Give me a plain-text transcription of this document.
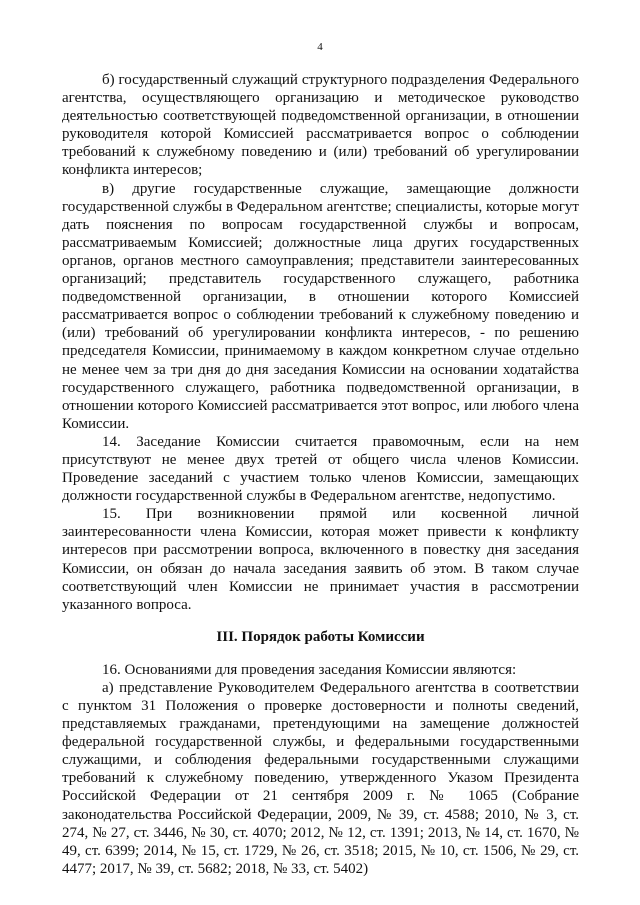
4

б) государственный служащий структурного подразделения Федерального агентства, осуществляющего организацию и методическое руководство деятельностью соответствующей подведомственной организации, в отношении руководителя которой Комиссией рассматривается вопрос о соблюдении требований к служебному поведению и (или) требований об урегулировании конфликта интересов;

в) другие государственные служащие, замещающие должности государственной службы в Федеральном агентстве; специалисты, которые могут дать пояснения по вопросам государственной службы и вопросам, рассматриваемым Комиссией; должностные лица других государственных органов, органов местного самоуправления; представители заинтересованных организаций; представитель государственного служащего, работника подведомственной организации, в отношении которого Комиссией рассматривается вопрос о соблюдении требований к служебному поведению и (или) требований об урегулировании конфликта интересов, - по решению председателя Комиссии, принимаемому в каждом конкретном случае отдельно не менее чем за три дня до дня заседания Комиссии на основании ходатайства государственного служащего, работника подведомственной организации, в отношении которого Комиссией рассматривается этот вопрос, или любого члена Комиссии.

14. Заседание Комиссии считается правомочным, если на нем присутствуют не менее двух третей от общего числа членов Комиссии. Проведение заседаний с участием только членов Комиссии, замещающих должности государственной службы в Федеральном агентстве, недопустимо.

15. При возникновении прямой или косвенной личной заинтересованности члена Комиссии, которая может привести к конфликту интересов при рассмотрении вопроса, включенного в повестку дня заседания Комиссии, он обязан до начала заседания заявить об этом. В таком случае соответствующий член Комиссии не принимает участия в рассмотрении указанного вопроса.

III. Порядок работы Комиссии

16. Основаниями для проведения заседания Комиссии являются:

а) представление Руководителем Федерального агентства в соответствии с пунктом 31 Положения о проверке достоверности и полноты сведений, представляемых гражданами, претендующими на замещение должностей федеральной государственной службы, и федеральными государственными служащими, и соблюдения федеральными государственными служащими требований к служебному поведению, утвержденного Указом Президента Российской Федерации от 21 сентября 2009 г. № 1065 (Собрание законодательства Российской Федерации, 2009, № 39, ст. 4588; 2010, № 3, ст. 274, № 27, ст. 3446, № 30, ст. 4070; 2012, № 12, ст. 1391; 2013, № 14, ст. 1670, № 49, ст. 6399; 2014, № 15, ст. 1729, № 26, ст. 3518; 2015, № 10, ст. 1506, № 29, ст. 4477; 2017, № 39, ст. 5682; 2018, № 33, ст. 5402)
